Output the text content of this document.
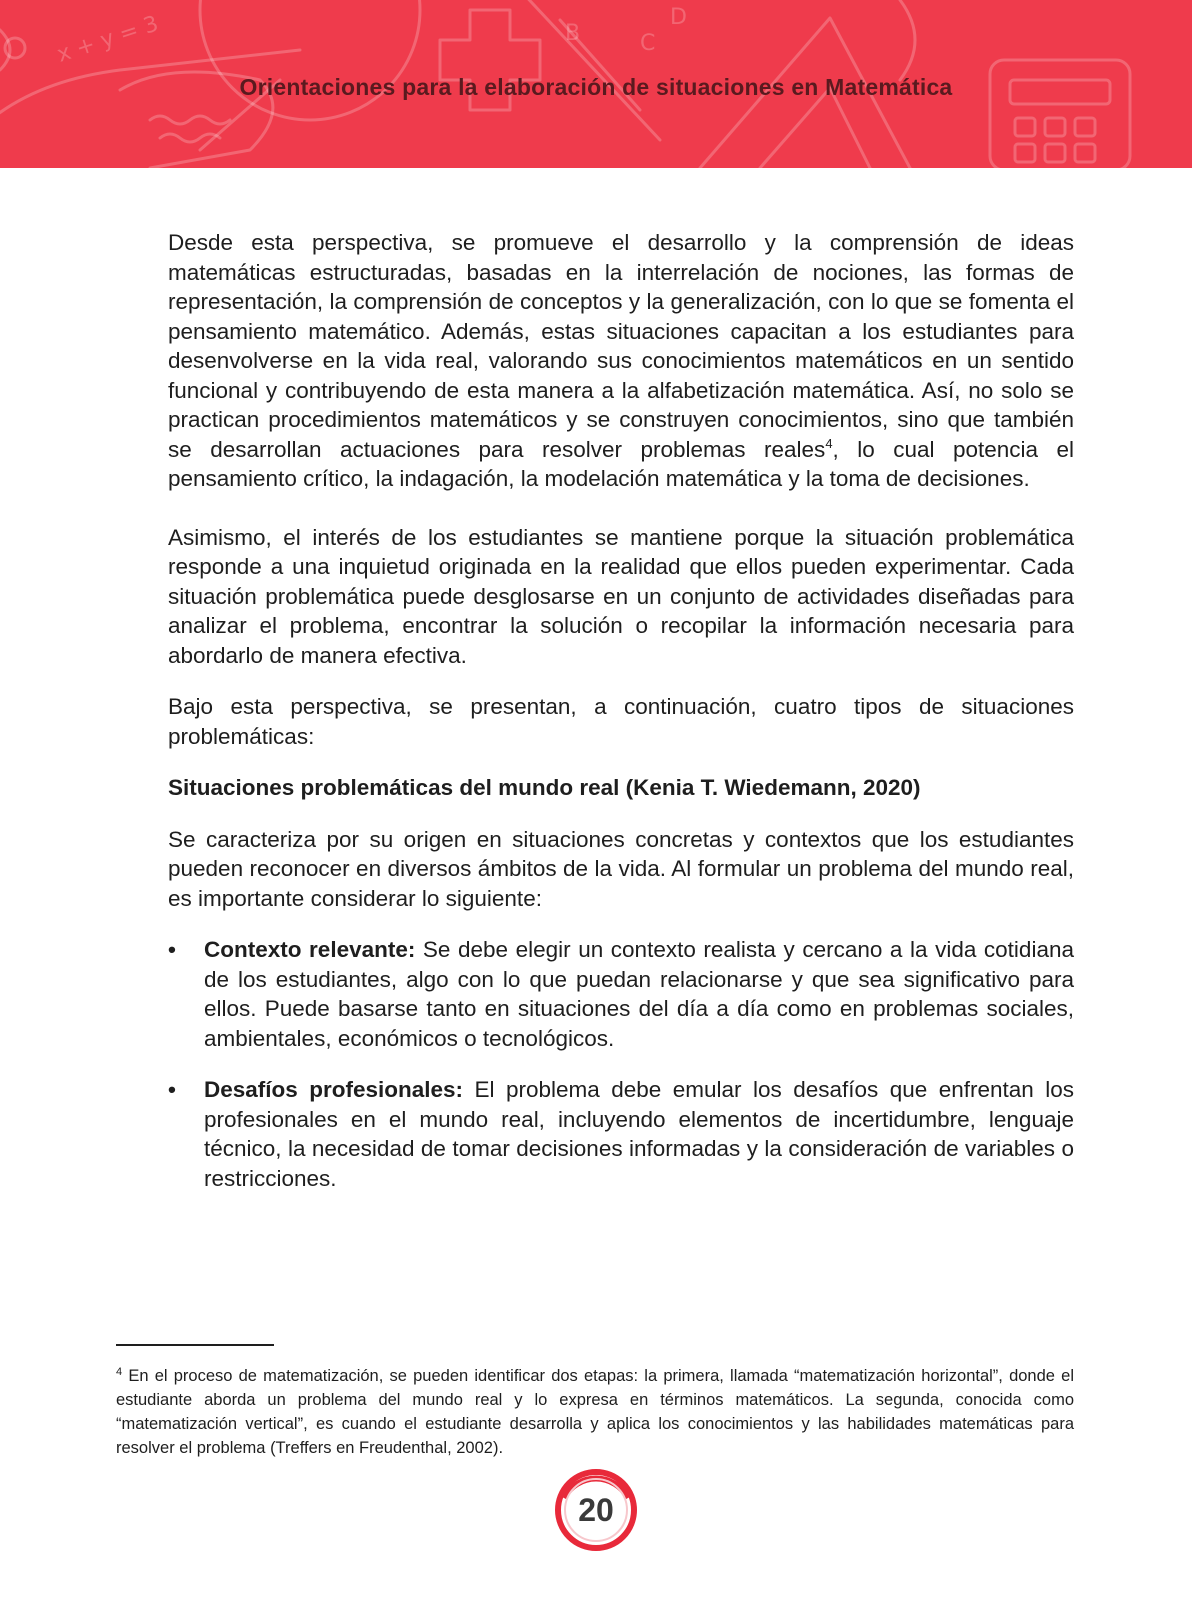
x + y = 3	B	C
D
Orientaciones para la elaboración de situaciones en Matemática

Desde esta perspectiva, se promueve el desarrollo y la comprensión de ideas matemáticas estructuradas, basadas en la interrelación de nociones, las formas de representación, la comprensión de conceptos y la generalización, con lo que se fomenta el pensamiento matemático. Además, estas situaciones capacitan a los estudiantes para desenvolverse en la vida real, valorando sus conocimientos matemáticos en un sentido funcional y contribuyendo de esta manera a la alfabetización matemática. Así, no solo se practican procedimientos matemáticos y se construyen conocimientos, sino que también se desarrollan actuaciones para resolver problemas reales$^4$, lo cual potencia el pensamiento crítico, la indagación, la modelación matemática y la toma de decisiones.

Asimismo, el interés de los estudiantes se mantiene porque la situación problemática responde a una inquietud originada en la realidad que ellos pueden experimentar. Cada situación problemática puede desglosarse en un conjunto de actividades diseñadas para analizar el problema, encontrar la solución o recopilar la información necesaria para abordarlo de manera efectiva.

Bajo esta perspectiva, se presentan, a continuación, cuatro tipos de situaciones problemáticas:

Situaciones problemáticas del mundo real (Kenia T. Wiedemann, 2020)

Se caracteriza por su origen en situaciones concretas y contextos que los estudiantes pueden reconocer en diversos ámbitos de la vida. Al formular un problema del mundo real, es importante considerar lo siguiente:

• Contexto relevante: Se debe elegir un contexto realista y cercano a la vida cotidiana de los estudiantes, algo con lo que puedan relacionarse y que sea significativo para ellos. Puede basarse tanto en situaciones del día a día como en problemas sociales, ambientales, económicos o tecnológicos.
• Desafíos profesionales: El problema debe emular los desafíos que enfrentan los profesionales en el mundo real, incluyendo elementos de incertidumbre, lenguaje técnico, la necesidad de tomar decisiones informadas y la consideración de variables o restricciones.
$^4$ En el proceso de matematización, se pueden identificar dos etapas: la primera, llamada “matematización horizontal”, donde el estudiante aborda un problema del mundo real y lo expresa en términos matemáticos. La segunda, conocida como “matematización vertical”, es cuando el estudiante desarrolla y aplica los conocimientos y las habilidades matemáticas para resolver el problema (Treffers en Freudenthal, 2002).
20
